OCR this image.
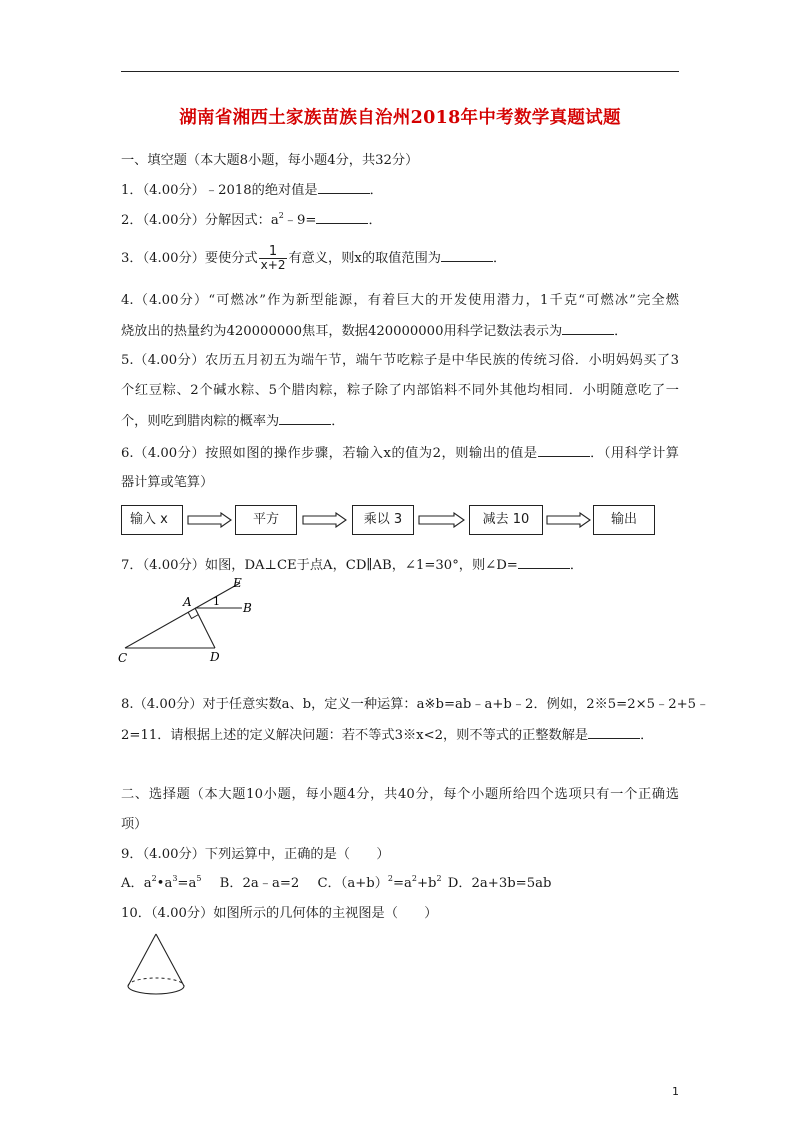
湖南省湘西土家族苗族自治州2018年中考数学真题试题
一、填空题（本大题8小题，每小题4分，共32分）
1．（4.00分）﹣2018的绝对值是	．
2．（4.00分）分解因式：$a^2﹣9=$	．
3．（4.00分）要使分式 $\frac{1}{x+2}$ 有意义，则x的取值范围为	．
4.（4.00分）“可燃冰”作为新型能源，有着巨大的开发使用潜力，1千克“可燃冰”完全燃
烧放出的热量约为420000000焦耳，数据420000000用科学记数法表示为	．
5.（4.00分）农历五月初五为端午节，端午节吃粽子是中华民族的传统习俗．小明妈妈买了3
个红豆粽、2个碱水粽、5个腊肉粽，粽子除了内部馅料不同外其他均相同．小明随意吃了一
个，则吃到腊肉粽的概率为	．
6.（4.00分）按照如图的操作步骤，若输入x的值为2，则输出的值是	．（用科学计算
器计算或笔算）
输入 x	平方	乘以 3	减去 10	输出
7．（4.00分）如图，DA⊥CE于点A，CD∥AB，∠1=30°，则∠D=	．
E
A 1 B
C	D
8.（4.00分）对于任意实数a、b，定义一种运算：a※b=ab﹣a+b﹣2．例如，2※5=2×5﹣2+5﹣
2=11．请根据上述的定义解决问题：若不等式3※x<2，则不等式的正整数解是	．
二、选择题（本大题10小题，每小题4分，共40分，每个小题所给四个选项只有一个正确选
项）
9．（4.00分）下列运算中，正确的是（　　）
A．$a^2•a^3=a^5$ B．2a﹣a=2 C．$(a+b)^2=a^2+b^2$ D．2a+3b=5ab
10．（4.00分）如图所示的几何体的主视图是（　　）
1
